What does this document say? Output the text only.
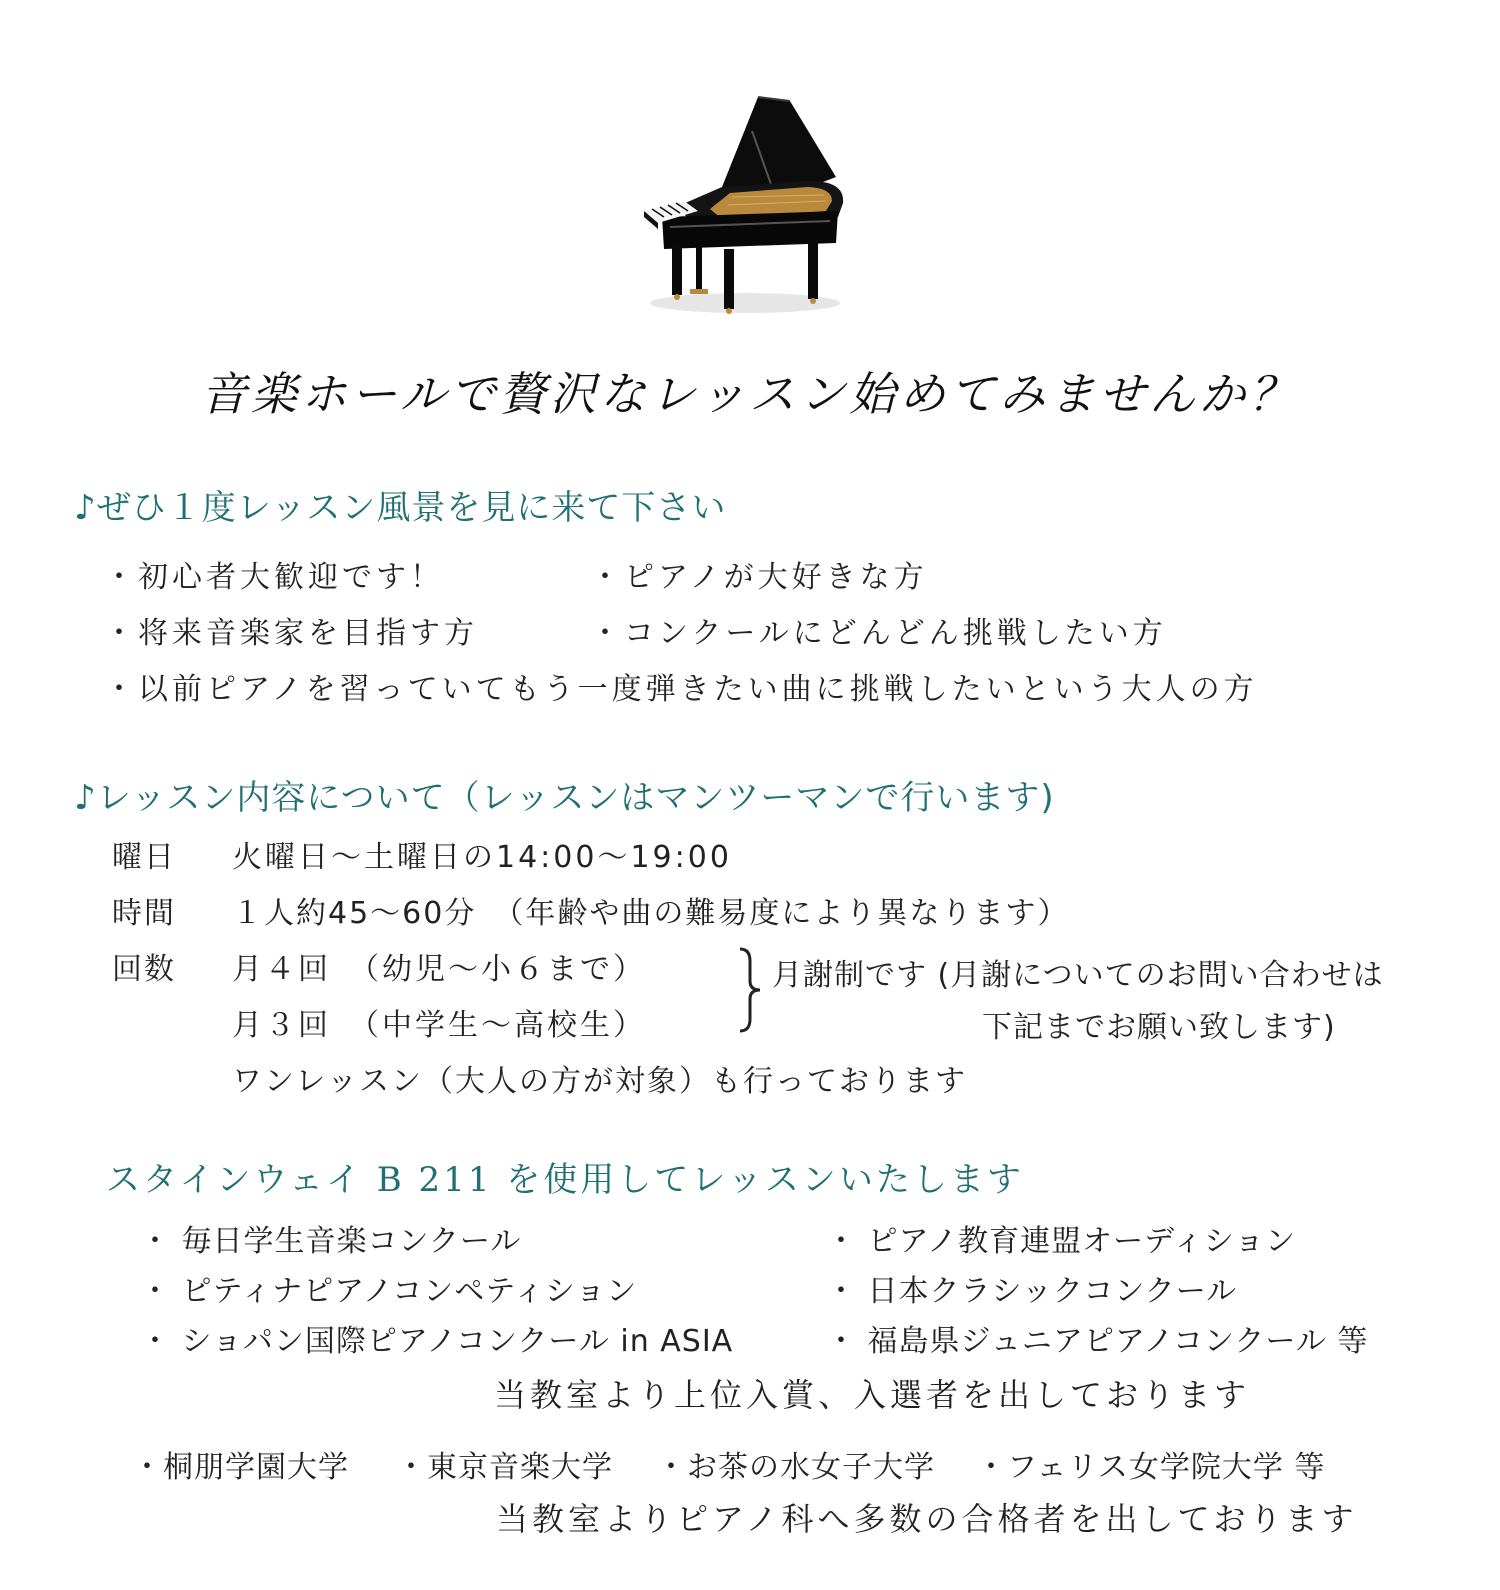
音楽ホールで贅沢なレッスン始めてみませんか？
♪ぜひ１度レッスン風景を見に来て下さい
・初心者大歓迎です！	・ピアノが大好きな方
・将来音楽家を目指す方	・コンクールにどんどん挑戦したい方
・以前ピアノを習っていてもう一度弾きたい曲に挑戦したいという大人の方
♪レッスン内容について（レッスンはマンツーマンで行います)
曜日 火曜日～土曜日の14:00～19:00
時間 １人約45～60分　（年齢や曲の難易度により異なります）
回数 月４回　（幼児～小６まで）
月３回　（中学生～高校生）
月謝制です (月謝についてのお問い合わせは
下記までお願い致します)
ワンレッスン（大人の方が対象）も行っております
スタインウェイ B 211 を使用してレッスンいたします
・ 毎日学生音楽コンクール	・ ピアノ教育連盟オーディション
・ ピティナピアノコンペティション	・ 日本クラシックコンクール
・ ショパン国際ピアノコンクール in ASIA	・ 福島県ジュニアピアノコンクール 等
当教室より上位入賞、入選者を出しております
・桐朋学園大学 ・東京音楽大学 ・お茶の水女子大学 ・フェリス女学院大学 等
当教室よりピアノ科へ多数の合格者を出しております
